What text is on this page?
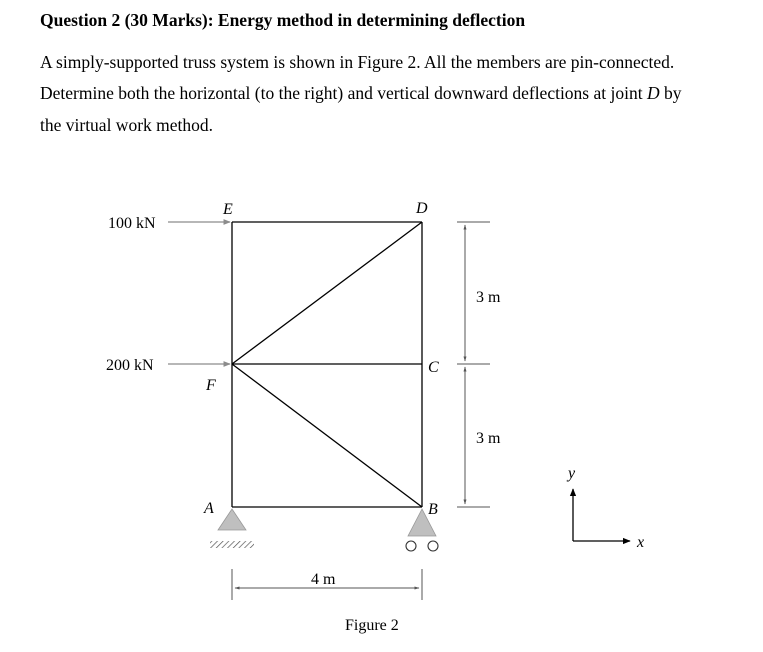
Question 2 (30 Marks): Energy method in determining deflection
A simply-supported truss system is shown in Figure 2. All the members are pin-connected.
Determine both the horizontal (to the right) and vertical downward deflections at joint D by
the virtual work method.
100 kN
200 kN
E	D
C
F
A	B
3 m
3 m
4 m
y
x
Figure 2
